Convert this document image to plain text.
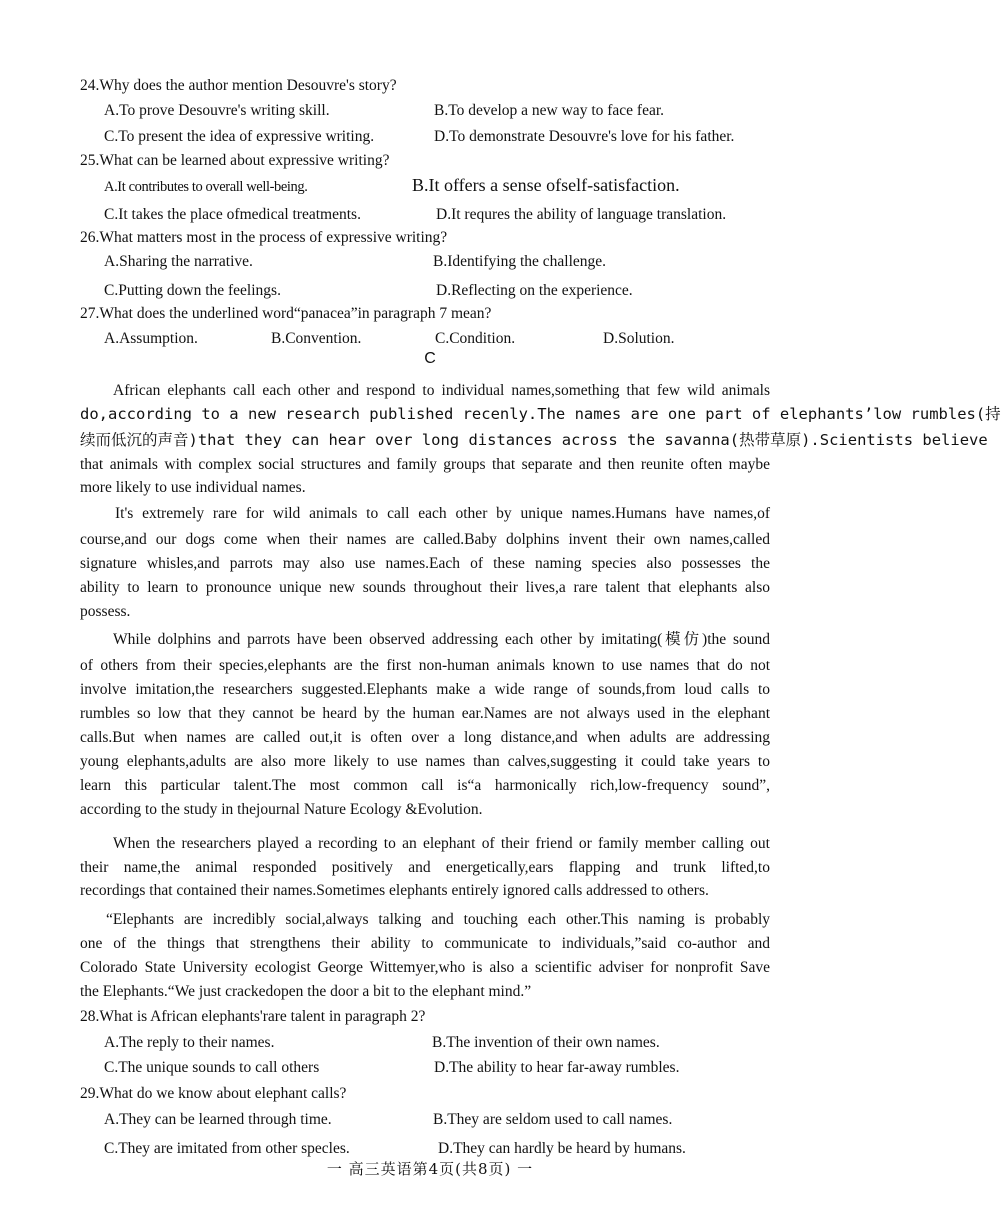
24.Why does the author mention Desouvre's story?
A.To prove Desouvre's writing skill.	B.To develop a new way to face fear.
C.To present the idea of expressive writing.	D.To demonstrate Desouvre's love for his father.
25.What can be learned about expressive writing?
A.It contributes to overall well-being.	B.It offers a sense ofself-satisfaction.
C.It takes the place ofmedical treatments.	D.It requres the ability of language translation.
26.What matters most in the process of expressive writing?
A.Sharing the narrative.	B.Identifying the challenge.
C.Putting down the feelings.	D.Reflecting on the experience.
27.What does the underlined word“panacea”in paragraph 7 mean?
A.Assumption.	B.Convention.	C.Condition.	D.Solution.
C
African elephants call each other and respond to individual names,something that few wild animals
do,according to a new research published recenly.The names are one part of elephants’low rumbles(持
续而低沉的声音)that they can hear over long distances across the savanna(热带草原).Scientists believe
that animals with complex social structures and family groups that separate and then reunite often maybe
more likely to use individual names.
It's extremely rare for wild animals to call each other by unique names.Humans have names,of
course,and our dogs come when their names are called.Baby dolphins invent their own names,called
signature whisles,and parrots may also use names.Each of these naming species also possesses the
ability to learn to pronounce unique new sounds throughout their lives,a rare talent that elephants also
possess.
While dolphins and parrots have been observed addressing each other by imitating(模仿)the sound
of others from their species,elephants are the first non-human animals known to use names that do not
involve imitation,the researchers suggested.Elephants make a wide range of sounds,from loud calls to
rumbles so low that they cannot be heard by the human ear.Names are not always used in the elephant
calls.But when names are called out,it is often over a long distance,and when adults are addressing
young elephants,adults are also more likely to use names than calves,suggesting it could take years to
learn this particular talent.The most common call is“a harmonically rich,low-frequency sound”,
according to the study in thejournal Nature Ecology &Evolution.
When the researchers played a recording to an elephant of their friend or family member calling out
their name,the animal responded positively and energetically,ears flapping and trunk lifted,to
recordings that contained their names.Sometimes elephants entirely ignored calls addressed to others.
“Elephants are incredibly social,always talking and touching each other.This naming is probably
one of the things that strengthens their ability to communicate to individuals,”said co-author and
Colorado State University ecologist George Wittemyer,who is also a scientific adviser for nonprofit Save
the Elephants.“We just crackedopen the door a bit to the elephant mind.”
28.What is African elephants'rare talent in paragraph 2?
A.The reply to their names.	B.The invention of their own names.
C.The unique sounds to call others	D.The ability to hear far-away rumbles.
29.What do we know about elephant calls?
A.They can be learned through time.	B.They are seldom used to call names.
C.They are imitated from other specles.	D.They can hardly be heard by humans.
一 高三英语第4页(共8页) 一
